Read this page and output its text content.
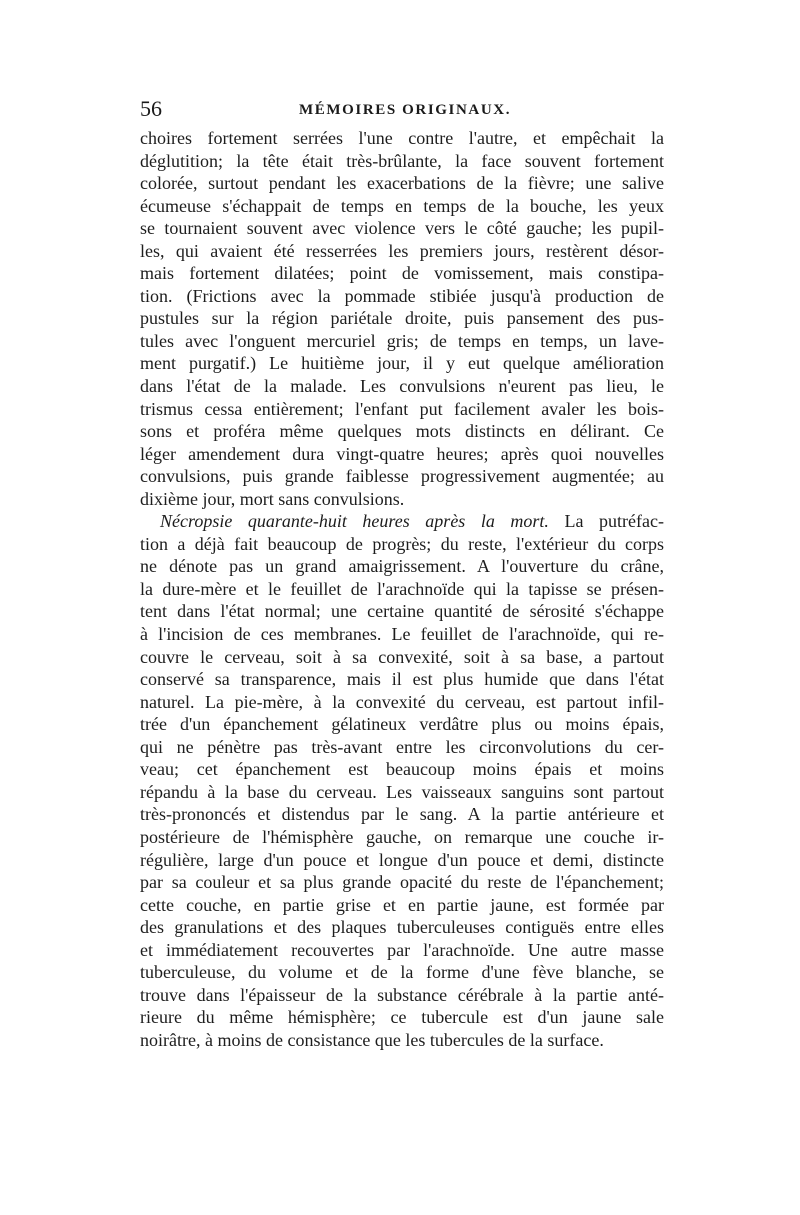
56	MÉMOIRES ORIGINAUX.
choires fortement serrées l'une contre l'autre, et empêchait la
déglutition; la tête était très-brûlante, la face souvent fortement
colorée, surtout pendant les exacerbations de la fièvre; une salive
écumeuse s'échappait de temps en temps de la bouche, les yeux
se tournaient souvent avec violence vers le côté gauche; les pupil-
les, qui avaient été resserrées les premiers jours, restèrent désor-
mais fortement dilatées; point de vomissement, mais constipa-
tion. (Frictions avec la pommade stibiée jusqu'à production de
pustules sur la région pariétale droite, puis pansement des pus-
tules avec l'onguent mercuriel gris; de temps en temps, un lave-
ment purgatif.) Le huitième jour, il y eut quelque amélioration
dans l'état de la malade. Les convulsions n'eurent pas lieu, le
trismus cessa entièrement; l'enfant put facilement avaler les bois-
sons et proféra même quelques mots distincts en délirant. Ce
léger amendement dura vingt-quatre heures; après quoi nouvelles
convulsions, puis grande faiblesse progressivement augmentée; au
dixième jour, mort sans convulsions.
Nécropsie quarante-huit heures après la mort. La putréfac-
tion a déjà fait beaucoup de progrès; du reste, l'extérieur du corps
ne dénote pas un grand amaigrissement. A l'ouverture du crâne,
la dure-mère et le feuillet de l'arachnoïde qui la tapisse se présen-
tent dans l'état normal; une certaine quantité de sérosité s'échappe
à l'incision de ces membranes. Le feuillet de l'arachnoïde, qui re-
couvre le cerveau, soit à sa convexité, soit à sa base, a partout
conservé sa transparence, mais il est plus humide que dans l'état
naturel. La pie-mère, à la convexité du cerveau, est partout infil-
trée d'un épanchement gélatineux verdâtre plus ou moins épais,
qui ne pénètre pas très-avant entre les circonvolutions du cer-
veau; cet épanchement est beaucoup moins épais et moins
répandu à la base du cerveau. Les vaisseaux sanguins sont partout
très-prononcés et distendus par le sang. A la partie antérieure et
postérieure de l'hémisphère gauche, on remarque une couche ir-
régulière, large d'un pouce et longue d'un pouce et demi, distincte
par sa couleur et sa plus grande opacité du reste de l'épanchement;
cette couche, en partie grise et en partie jaune, est formée par
des granulations et des plaques tuberculeuses contiguës entre elles
et immédiatement recouvertes par l'arachnoïde. Une autre masse
tuberculeuse, du volume et de la forme d'une fève blanche, se
trouve dans l'épaisseur de la substance cérébrale à la partie anté-
rieure du même hémisphère; ce tubercule est d'un jaune sale
noirâtre, à moins de consistance que les tubercules de la surface.
